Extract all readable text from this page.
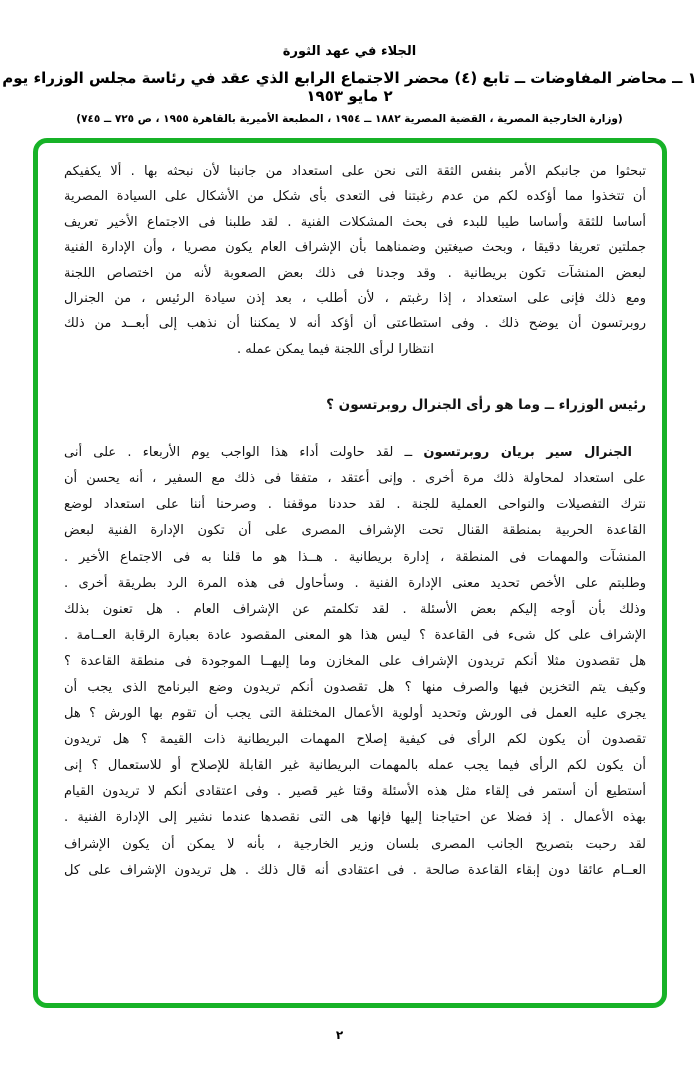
الجلاء في عهد الثورة
١ ــ محاضر المفاوضات ــ تابع (٤) محضر الاجتماع الرابع الذي عقد في رئاسة مجلس الوزراء يوم ٢ مايو ١٩٥٣
(وزارة الخارجية المصرية ، القضية المصرية ١٨٨٢ ــ ١٩٥٤ ، المطبعة الأميرية بالقاهرة ١٩٥٥ ، ص ٧٢٥ ــ ٧٤٥)
تبحثوا من جانبكم الأمر بنفس الثقة التى نحن على استعداد من جانبنا لأن نبحثه بها . ألا يكفيكم
أن تتخذوا مما أؤكده لكم من عدم رغبتنا فى التعدى بأى شكل من الأشكال على السيادة المصرية
أساسا للثقة وأساسا طيبا للبدء فى بحث المشكلات الفنية . لقد طلبنا فى الاجتماع الأخير تعريف
جملتين تعريفا دقيقا ، وبحث صيغتين وضمناهما بأن الإشراف العام يكون مصريا ، وأن الإدارة الفنية
لبعض المنشآت تكون بريطانية . وقد وجدنا فى ذلك بعض الصعوبة لأنه من اختصاص اللجنة
ومع ذلك فإنى على استعداد ، إذا رغبتم ، لأن أطلب ، بعد إذن سيادة الرئيس ، من الجنرال
روبرتسون أن يوضح ذلك . وفى استطاعتى أن أؤكد أنه لا يمكننا أن نذهب إلى أبعــد من ذلك
انتظارا لرأى اللجنة فيما يمكن عمله .
رئيس الوزراء ــ وما هو رأى الجنرال روبرتسون ؟
الجنرال سير بريان روبرتسون ــ لقد حاولت أداء هذا الواجب يوم الأربعاء . على أنى
على استعداد لمحاولة ذلك مرة أخرى . وإنى أعتقد ، متفقا فى ذلك مع السفير ، أنه يحسن أن
نترك التفصيلات والنواحى العملية للجنة . لقد حددنا موقفنا . وصرحنا أننا على استعداد لوضع
القاعدة الحربية بمنطقة القنال تحت الإشراف المصرى على أن تكون الإدارة الفنية لبعض
المنشآت والمهمات فى المنطقة ، إدارة بريطانية . هــذا هو ما قلنا به فى الاجتماع الأخير .
وطلبتم على الأخص تحديد معنى الإدارة الفنية . وسأحاول فى هذه المرة الرد بطريقة أخرى .
وذلك بأن أوجه إليكم بعض الأسئلة . لقد تكلمتم عن الإشراف العام . هل تعنون بذلك
الإشراف على كل شىء فى القاعدة ؟ ليس هذا هو المعنى المقصود عادة بعبارة الرقابة العــامة .
هل تقصدون مثلا أنكم تريدون الإشراف على المخازن وما إليهــا الموجودة فى منطقة القاعدة ؟
وكيف يتم التخزين فيها والصرف منها ؟ هل تقصدون أنكم تريدون وضع البرنامج الذى يجب أن
يجرى عليه العمل فى الورش وتحديد أولوية الأعمال المختلفة التى يجب أن تقوم بها الورش ؟ هل
تقصدون أن يكون لكم الرأى فى كيفية إصلاح المهمات البريطانية ذات القيمة ؟ هل تريدون
أن يكون لكم الرأى فيما يجب عمله بالمهمات البريطانية غير القابلة للإصلاح أو للاستعمال ؟ إنى
أستطيع أن أستمر فى إلقاء مثل هذه الأسئلة وقتا غير قصير . وفى اعتقادى أنكم لا تريدون القيام
بهذه الأعمال . إذ فضلا عن احتياجنا إليها فإنها هى التى نقصدها عندما نشير إلى الإدارة الفنية .
لقد رحبت بتصريح الجانب المصرى بلسان وزير الخارجية ، بأنه لا يمكن أن يكون الإشراف
العــام عائقا دون إبقاء القاعدة صالحة . فى اعتقادى أنه قال ذلك . هل تريدون الإشراف على كل
٢
